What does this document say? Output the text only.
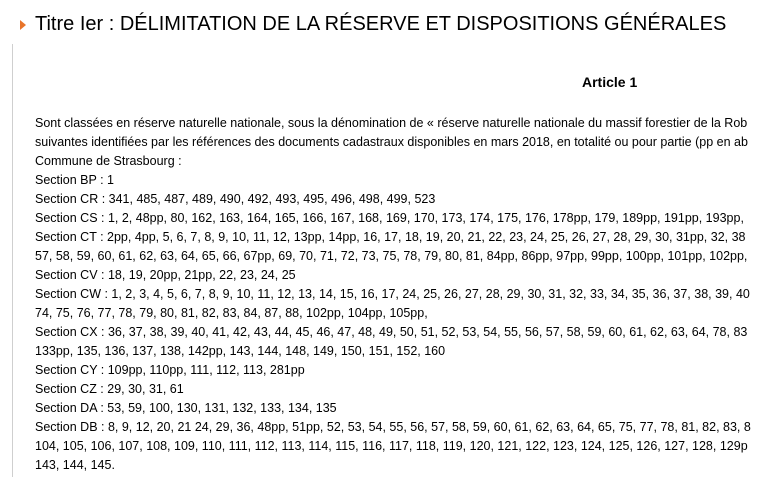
Titre Ier : DÉLIMITATION DE LA RÉSERVE ET DISPOSITIONS GÉNÉRALES
Article 1
Sont classées en réserve naturelle nationale, sous la dénomination de « réserve naturelle nationale du massif forestier de la Rob
suivantes identifiées par les références des documents cadastraux disponibles en mars 2018, en totalité ou pour partie (pp en ab
Commune de Strasbourg :
Section BP : 1
Section CR : 341, 485, 487, 489, 490, 492, 493, 495, 496, 498, 499, 523
Section CS : 1, 2, 48pp, 80, 162, 163, 164, 165, 166, 167, 168, 169, 170, 173, 174, 175, 176, 178pp, 179, 189pp, 191pp, 193pp,
Section CT : 2pp, 4pp, 5, 6, 7, 8, 9, 10, 11, 12, 13pp, 14pp, 16, 17, 18, 19, 20, 21, 22, 23, 24, 25, 26, 27, 28, 29, 30, 31pp, 32, 38
57, 58, 59, 60, 61, 62, 63, 64, 65, 66, 67pp, 69, 70, 71, 72, 73, 75, 78, 79, 80, 81, 84pp, 86pp, 97pp, 99pp, 100pp, 101pp, 102pp,
Section CV : 18, 19, 20pp, 21pp, 22, 23, 24, 25
Section CW : 1, 2, 3, 4, 5, 6, 7, 8, 9, 10, 11, 12, 13, 14, 15, 16, 17, 24, 25, 26, 27, 28, 29, 30, 31, 32, 33, 34, 35, 36, 37, 38, 39, 40
74, 75, 76, 77, 78, 79, 80, 81, 82, 83, 84, 87, 88, 102pp, 104pp, 105pp,
Section CX : 36, 37, 38, 39, 40, 41, 42, 43, 44, 45, 46, 47, 48, 49, 50, 51, 52, 53, 54, 55, 56, 57, 58, 59, 60, 61, 62, 63, 64, 78, 83
133pp, 135, 136, 137, 138, 142pp, 143, 144, 148, 149, 150, 151, 152, 160
Section CY : 109pp, 110pp, 111, 112, 113, 281pp
Section CZ : 29, 30, 31, 61
Section DA : 53, 59, 100, 130, 131, 132, 133, 134, 135
Section DB : 8, 9, 12, 20, 21 24, 29, 36, 48pp, 51pp, 52, 53, 54, 55, 56, 57, 58, 59, 60, 61, 62, 63, 64, 65, 75, 77, 78, 81, 82, 83, 8
104, 105, 106, 107, 108, 109, 110, 111, 112, 113, 114, 115, 116, 117, 118, 119, 120, 121, 122, 123, 124, 125, 126, 127, 128, 129p
143, 144, 145.
